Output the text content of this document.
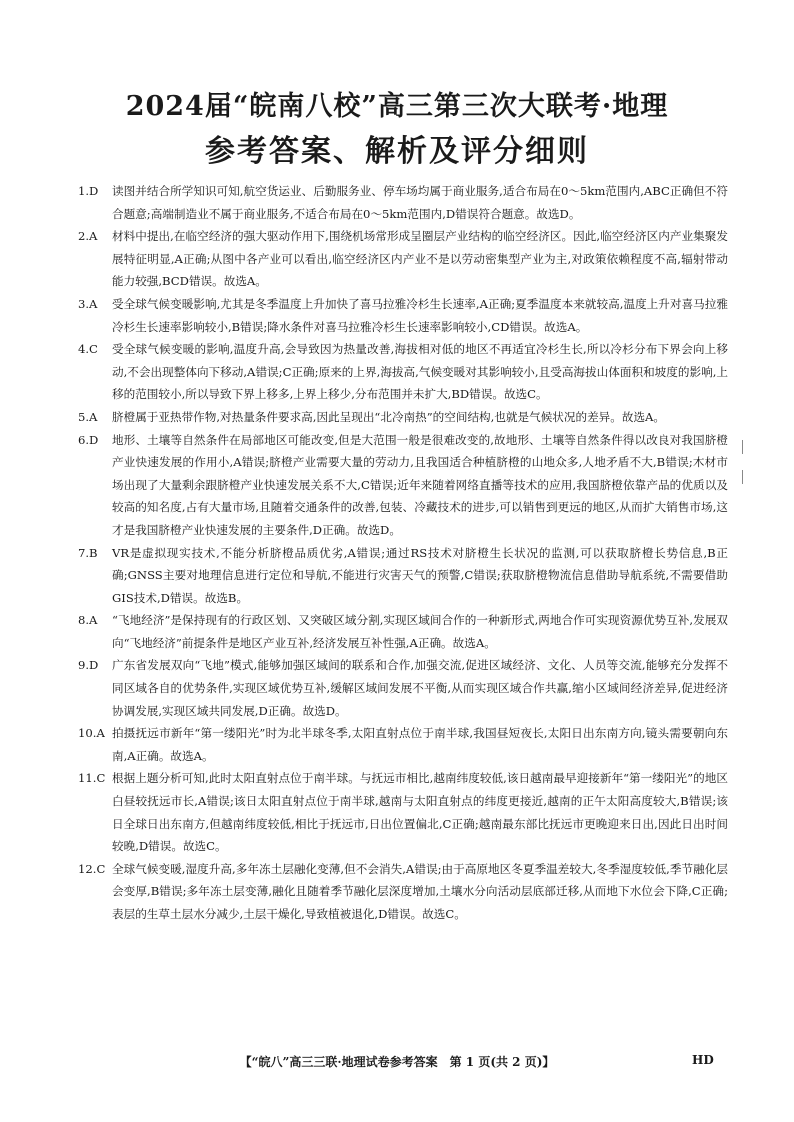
2024届“皖南八校”高三第三次大联考·地理
参考答案、解析及评分细则
1.D	读图并结合所学知识可知,航空货运业、后勤服务业、停车场均属于商业服务,适合布局在0～5km范围内,ABC正确但不符合题意;高端制造业不属于商业服务,不适合布局在0～5km范围内,D错误符合题意。故选D。
2.A	材料中提出,在临空经济的强大驱动作用下,围绕机场常形成呈圈层产业结构的临空经济区。因此,临空经济区内产业集聚发展特征明显,A正确;从图中各产业可以看出,临空经济区内产业不是以劳动密集型产业为主,对政策依赖程度不高,辐射带动能力较强,BCD错误。故选A。
3.A	受全球气候变暖影响,尤其是冬季温度上升加快了喜马拉雅冷杉生长速率,A正确;夏季温度本来就较高,温度上升对喜马拉雅冷杉生长速率影响较小,B错误;降水条件对喜马拉雅冷杉生长速率影响较小,CD错误。故选A。
4.C	受全球气候变暖的影响,温度升高,会导致因为热量改善,海拔相对低的地区不再适宜冷杉生长,所以冷杉分布下界会向上移动,不会出现整体向下移动,A错误;C正确;原来的上界,海拔高,气候变暖对其影响较小,且受高海拔山体面积和坡度的影响,上移的范围较小,所以导致下界上移多,上界上移少,分布范围并未扩大,BD错误。故选C。
5.A	脐橙属于亚热带作物,对热量条件要求高,因此呈现出“北冷南热”的空间结构,也就是气候状况的差异。故选A。
6.D	地形、土壤等自然条件在局部地区可能改变,但是大范围一般是很难改变的,故地形、土壤等自然条件得以改良对我国脐橙产业快速发展的作用小,A错误;脐橙产业需要大量的劳动力,且我国适合种植脐橙的山地众多,人地矛盾不大,B错误;木材市场出现了大量剩余跟脐橙产业快速发展关系不大,C错误;近年来随着网络直播等技术的应用,我国脐橙依靠产品的优质以及较高的知名度,占有大量市场,且随着交通条件的改善,包装、冷藏技术的进步,可以销售到更远的地区,从而扩大销售市场,这才是我国脐橙产业快速发展的主要条件,D正确。故选D。
7.B	VR是虚拟现实技术,不能分析脐橙品质优劣,A错误;通过RS技术对脐橙生长状况的监测,可以获取脐橙长势信息,B正确;GNSS主要对地理信息进行定位和导航,不能进行灾害天气的预警,C错误;获取脐橙物流信息借助导航系统,不需要借助GIS技术,D错误。故选B。
8.A	“飞地经济”是保持现有的行政区划、又突破区域分割,实现区域间合作的一种新形式,两地合作可实现资源优势互补,发展双向“飞地经济”前提条件是地区产业互补,经济发展互补性强,A正确。故选A。
9.D	广东省发展双向“飞地”模式,能够加强区域间的联系和合作,加强交流,促进区域经济、文化、人员等交流,能够充分发挥不同区域各自的优势条件,实现区域优势互补,缓解区域间发展不平衡,从而实现区域合作共赢,缩小区域间经济差异,促进经济协调发展,实现区域共同发展,D正确。故选D。
10.A 拍摄抚远市新年“第一缕阳光”时为北半球冬季,太阳直射点位于南半球,我国昼短夜长,太阳日出东南方向,镜头需要朝向东南,A正确。故选A。
11.C 根据上题分析可知,此时太阳直射点位于南半球。与抚远市相比,越南纬度较低,该日越南最早迎接新年“第一缕阳光”的地区白昼较抚远市长,A错误;该日太阳直射点位于南半球,越南与太阳直射点的纬度更接近,越南的正午太阳高度较大,B错误;该日全球日出东南方,但越南纬度较低,相比于抚远市,日出位置偏北,C正确;越南最东部比抚远市更晚迎来日出,因此日出时间较晚,D错误。故选C。
12.C 全球气候变暖,湿度升高,多年冻土层融化变薄,但不会消失,A错误;由于高原地区冬夏季温差较大,冬季湿度较低,季节融化层会变厚,B错误;多年冻土层变薄,融化且随着季节融化层深度增加,土壤水分向活动层底部迁移,从而地下水位会下降,C正确;表层的生草土层水分减少,土层干燥化,导致植被退化,D错误。故选C。
【“皖八”高三三联·地理试卷参考答案　第 1 页(共 2 页)】	HD
